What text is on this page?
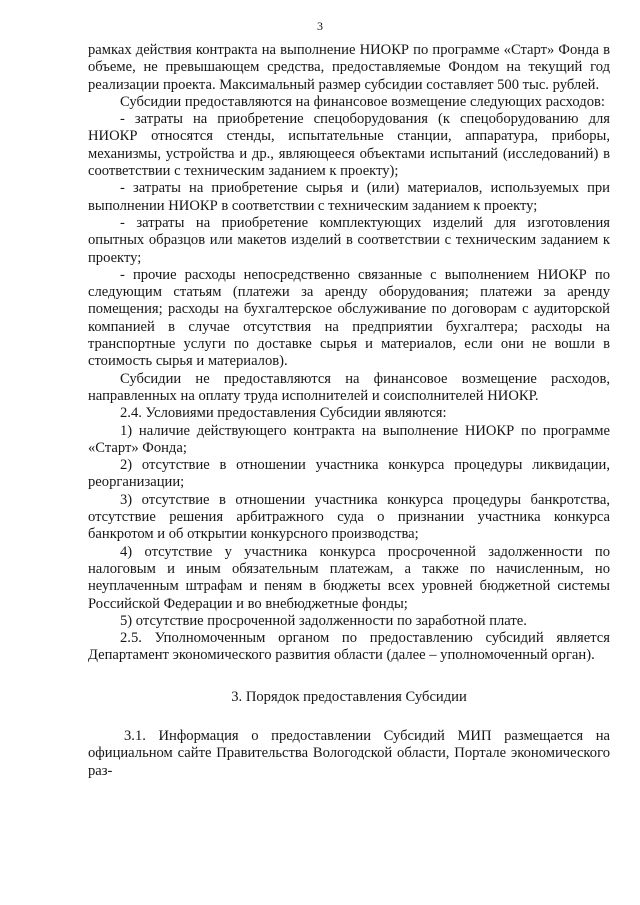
3

рамках действия контракта на выполнение НИОКР по программе «Старт» Фонда в объеме, не превышающем средства, предоставляемые Фондом на текущий год реализации проекта. Максимальный размер субсидии составляет 500 тыс. рублей.

Субсидии предоставляются на финансовое возмещение следующих расходов:

- затраты на приобретение спецоборудования (к спецоборудованию для НИОКР относятся стенды, испытательные станции, аппаратура, приборы, механизмы, устройства и др., являющееся объектами испытаний (исследований) в соответствии с техническим заданием к проекту);

- затраты на приобретение сырья и (или) материалов, используемых при выполнении НИОКР в соответствии с техническим заданием к проекту;

- затраты на приобретение комплектующих изделий для изготовления опытных образцов или макетов изделий в соответствии с техническим заданием к проекту;

- прочие расходы непосредственно связанные с выполнением НИОКР по следующим статьям (платежи за аренду оборудования; платежи за аренду помещения; расходы на бухгалтерское обслуживание по договорам с аудиторской компанией в случае отсутствия на предприятии бухгалтера; расходы на транспортные услуги по доставке сырья и материалов, если они не вошли в стоимость сырья и материалов).

Субсидии не предоставляются на финансовое возмещение расходов, направленных на оплату труда исполнителей и соисполнителей НИОКР.

2.4. Условиями предоставления Субсидии являются:

1) наличие действующего контракта на выполнение НИОКР по программе «Старт» Фонда;

2) отсутствие в отношении участника конкурса процедуры ликвидации, реорганизации;

3) отсутствие в отношении участника конкурса процедуры банкротства, отсутствие решения арбитражного суда о признании участника конкурса банкротом и об открытии конкурсного производства;

4) отсутствие у участника конкурса просроченной задолженности по налоговым и иным обязательным платежам, а также по начисленным, но неуплаченным штрафам и пеням в бюджеты всех уровней бюджетной системы Российской Федерации и во внебюджетные фонды;

5) отсутствие просроченной задолженности по заработной плате.

2.5. Уполномоченным органом по предоставлению субсидий является Департамент экономического развития области (далее – уполномоченный орган).

3. Порядок предоставления Субсидии

3.1. Информация о предоставлении Субсидий МИП размещается на официальном сайте Правительства Вологодской области, Портале экономического раз-
